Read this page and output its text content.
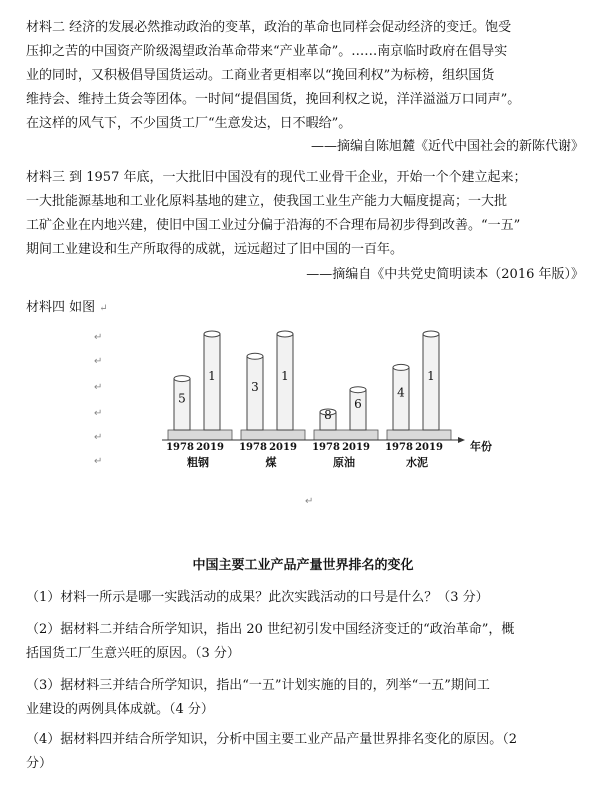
材料二 经济的发展必然推动政治的变革，政治的革命也同样会促动经济的变迁。饱受
压抑之苦的中国资产阶级渴望政治革命带来“产业革命”。……南京临时政府在倡导实
业的同时，又积极倡导国货运动。工商业者更相率以“挽回利权”为标榜，组织国货
维持会、维持土货会等团体。一时间“提倡国货，挽回利权之说，洋洋溢溢万口同声”。
在这样的风气下，不少国货工厂“生意发达，日不暇给”。
——摘编自陈旭麓《近代中国社会的新陈代谢》
材料三 到 1957 年底，一大批旧中国没有的现代工业骨干企业，开始一个个建立起来；
一大批能源基地和工业化原料基地的建立，使我国工业生产能力大幅度提高；一大批
工矿企业在内地兴建，使旧中国工业过分偏于沿海的不合理布局初步得到改善。“一五”
期间工业建设和生产所取得的成就，远远超过了旧中国的一百年。
——摘编自《中共党史简明读本（2016 年版）》
材料四 如图 ↵
↵
↵
↵
↵
↵
↵
↵
5
1978
1
2019
粗钢
3
1978
1
2019
煤
8
1978
6
2019
原油
4
1978
1
2019
水泥
年份
中国主要工业产品产量世界排名的变化
（1）材料一所示是哪一实践活动的成果？此次实践活动的口号是什么？（3 分）
（2）据材料二并结合所学知识，指出 20 世纪初引发中国经济变迁的“政治革命”，概
括国货工厂生意兴旺的原因。（3 分）
（3）据材料三并结合所学知识，指出“一五”计划实施的目的，列举“一五”期间工
业建设的两例具体成就。（4 分）
（4）据材料四并结合所学知识，分析中国主要工业产品产量世界排名变化的原因。（2
分）
